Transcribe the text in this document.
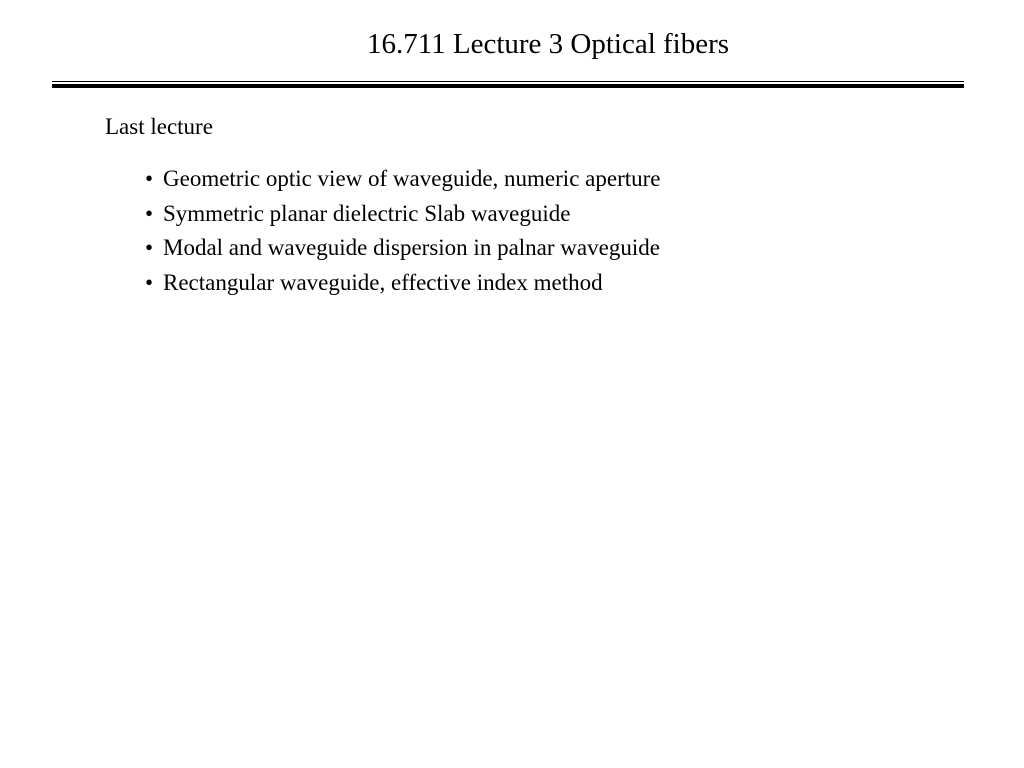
16.711 Lecture 3 Optical fibers
Last lecture
• Geometric optic view of waveguide, numeric aperture
• Symmetric planar dielectric Slab waveguide
• Modal and waveguide dispersion in palnar waveguide
• Rectangular waveguide, effective index method
